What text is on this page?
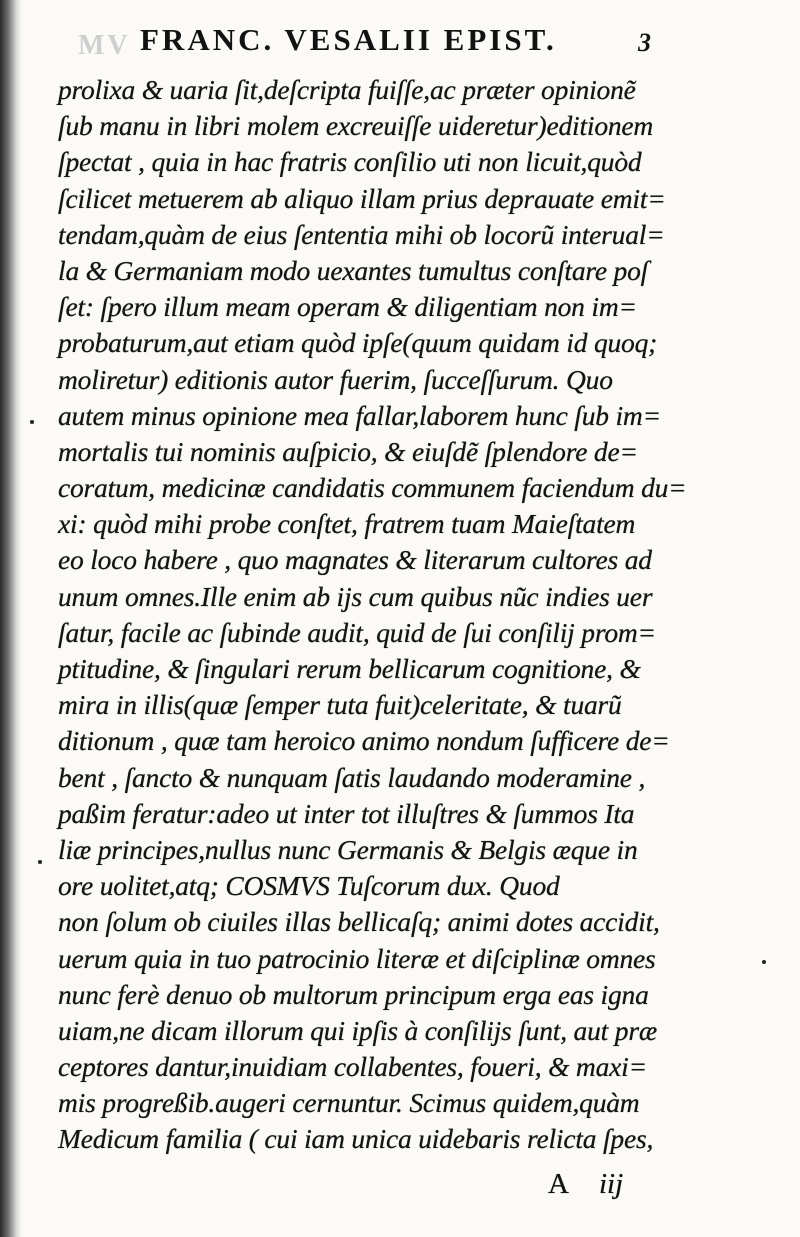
MV FRANC. VESALII EPIST.	3
prolixa & uaria ſit,deſcripta fuiſſe,ac præter opinionẽ
ſub manu in libri molem excreuiſſe uideretur)editionem
ſpectat , quia in hac fratris conſilio uti non licuit,quòd
ſcilicet metuerem ab aliquo illam prius deprauate emit=
tendam,quàm de eius ſententia mihi ob locorũ interual=
la & Germaniam modo uexantes tumultus conſtare poſ
ſet: ſpero illum meam operam & diligentiam non im=
probaturum,aut etiam quòd ipſe(quum quidam id quoq;
moliretur) editionis autor fuerim, ſucceſſurum. Quo
autem minus opinione mea fallar,laborem hunc ſub im=
mortalis tui nominis auſpicio, & eiuſdẽ ſplendore de=
coratum, medicinæ candidatis communem faciendum du=
xi: quòd mihi probe conſtet, fratrem tuam Maieſtatem
eo loco habere , quo magnates & literarum cultores ad
unum omnes.Ille enim ab ijs cum quibus nũc indies uer
ſatur, facile ac ſubinde audit, quid de ſui conſilij prom=
ptitudine, & ſingulari rerum bellicarum cognitione, &
mira in illis(quæ ſemper tuta fuit)celeritate, & tuarũ
ditionum , quæ tam heroico animo nondum ſufficere de=
bent , ſancto & nunquam ſatis laudando moderamine ,
paßim feratur:adeo ut inter tot illuſtres & ſummos Ita
liæ principes,nullus nunc Germanis & Belgis æque in
ore uolitet,atq; COSMVS Tuſcorum dux. Quod
non ſolum ob ciuiles illas bellicaſq; animi dotes accidit,
uerum quia in tuo patrocinio literæ et diſciplinæ omnes
nunc ferè denuo ob multorum principum erga eas igna
uiam,ne dicam illorum qui ipſis à conſilijs ſunt, aut præ
ceptores dantur,inuidiam collabentes, foueri, & maxi=
mis progreßib.augeri cernuntur. Scimus quidem,quàm
Medicum familia ( cui iam unica uidebaris relicta ſpes,
A iij
